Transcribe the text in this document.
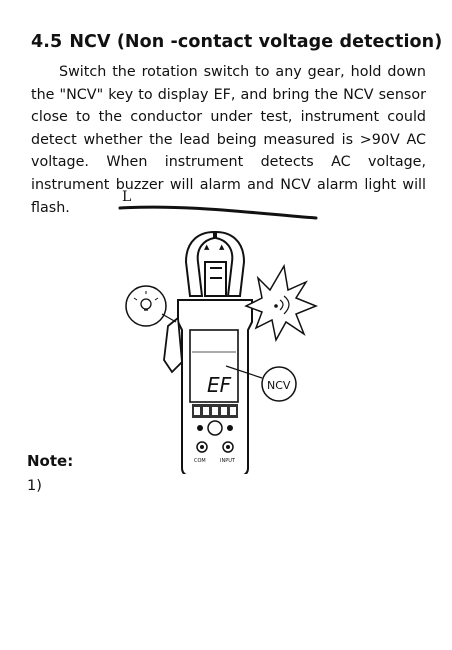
4.5 NCV (Non -contact voltage detection)
Switch the rotation switch to any gear, hold down the "NCV" key to display EF, and bring the NCV sensor close to the conductor under test, instrument could detect whether the lead being measured is >90V AC voltage. When instrument detects AC voltage, instrument buzzer will alarm and NCV alarm light will flash.
L
▲ ▲
EF
COM	INPUT
NCV
Note:
1)
